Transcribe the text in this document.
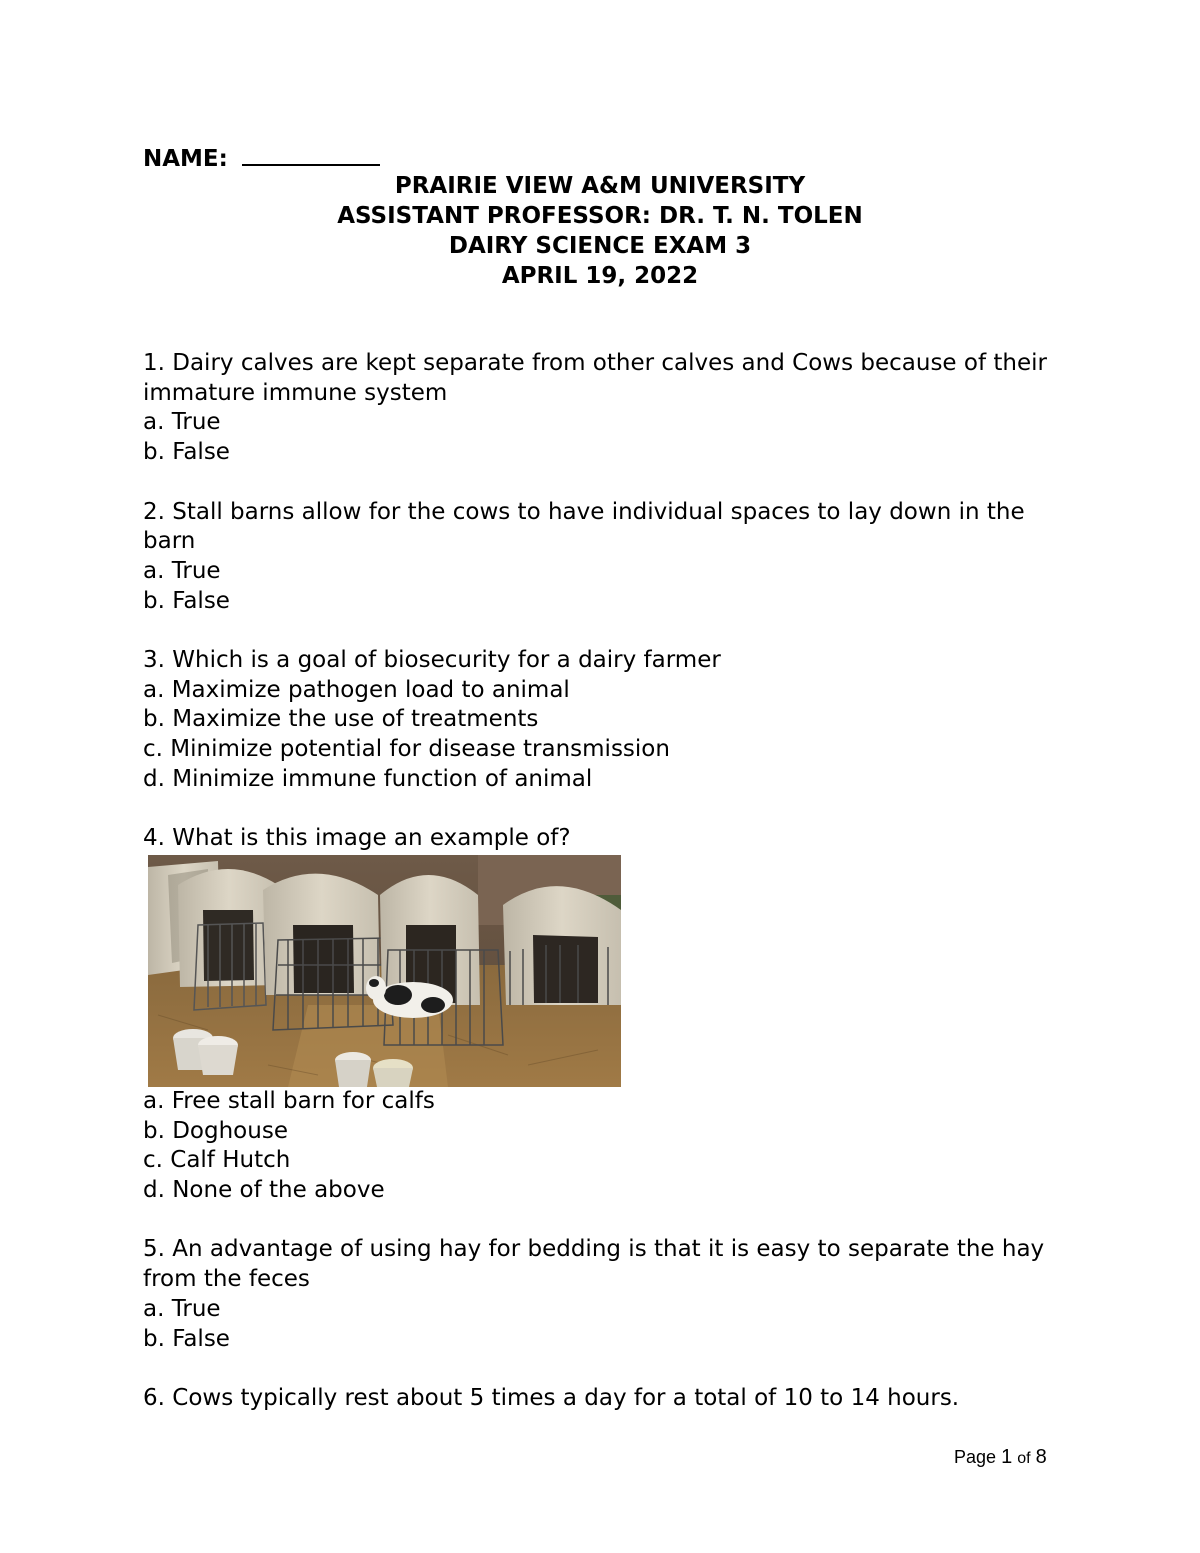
NAME:
PRAIRIE VIEW A&M UNIVERSITY
ASSISTANT PROFESSOR: DR. T. N. TOLEN
DAIRY SCIENCE EXAM 3
APRIL 19, 2022

1. Dairy calves are kept separate from other calves and Cows because of their immature immune system

a. True

b. False

2. Stall barns allow for the cows to have individual spaces to lay down in the barn

a. True

b. False

3. Which is a goal of biosecurity for a dairy farmer

a. Maximize pathogen load to animal

b. Maximize the use of treatments

c. Minimize potential for disease transmission

d. Minimize immune function of animal

4. What is this image an example of?

a. Free stall barn for calfs

b. Doghouse

c. Calf Hutch

d. None of the above

5. An advantage of using hay for bedding is that it is easy to separate the hay from the feces

a. True

b. False

6. Cows typically rest about 5 times a day for a total of 10 to 14 hours.

Page 1 of 8
